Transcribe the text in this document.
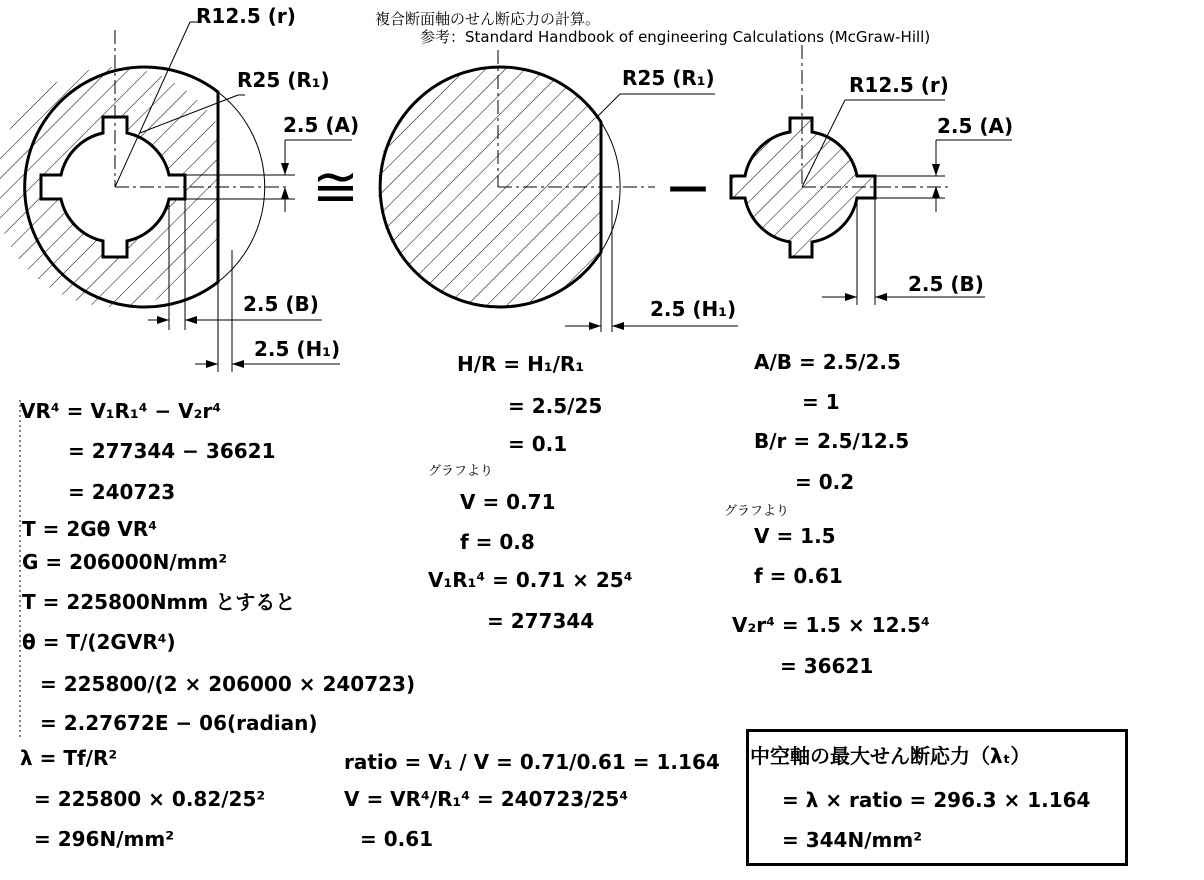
複合断面軸のせん断応力の計算。
参考：Standard Handbook of engineering Calculations (McGraw-Hill)
R12.5 (r)
R25 (R₁)
2.5 (A)
2.5 (B)
2.5 (H₁)
≅
R25 (R₁)
2.5 (H₁)
—
R12.5 (r)
2.5 (A)
2.5 (B)
VR⁴ = V₁R₁⁴ − V₂r⁴
= 277344 − 36621
= 240723
T = 2Gθ VR⁴
G = 206000N/mm²
T = 225800Nmm とすると
θ = T/(2GVR⁴)
= 225800/(2 × 206000 × 240723)
= 2.27672E − 06(radian)
λ = Tf/R²
= 225800 × 0.82/25²
= 296N/mm²
H/R = H₁/R₁
= 2.5/25
= 0.1
グラフより
V = 0.71
f = 0.8
V₁R₁⁴ = 0.71 × 25⁴
= 277344
A/B = 2.5/2.5
= 1
B/r = 2.5/12.5
= 0.2
グラフより
V = 1.5
f = 0.61
V₂r⁴ = 1.5 × 12.5⁴
= 36621
ratio = V₁ / V = 0.71/0.61 = 1.164
V = VR⁴/R₁⁴ = 240723/25⁴
= 0.61
中空軸の最大せん断応力（λₜ）
= λ × ratio = 296.3 × 1.164
= 344N/mm²
